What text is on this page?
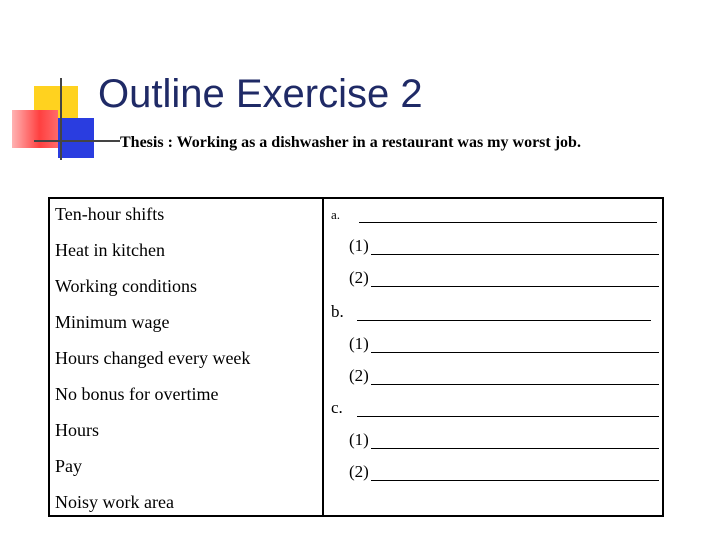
Outline Exercise 2
Thesis : Working as a dishwasher in a restaurant was my worst job.
Ten-hour shifts
Heat in kitchen
Working conditions
Minimum wage
Hours changed every week
No bonus for overtime
Hours
Pay
Noisy work area
a.
(1)
(2)
b.
(1)
(2)
c.
(1)
(2)
